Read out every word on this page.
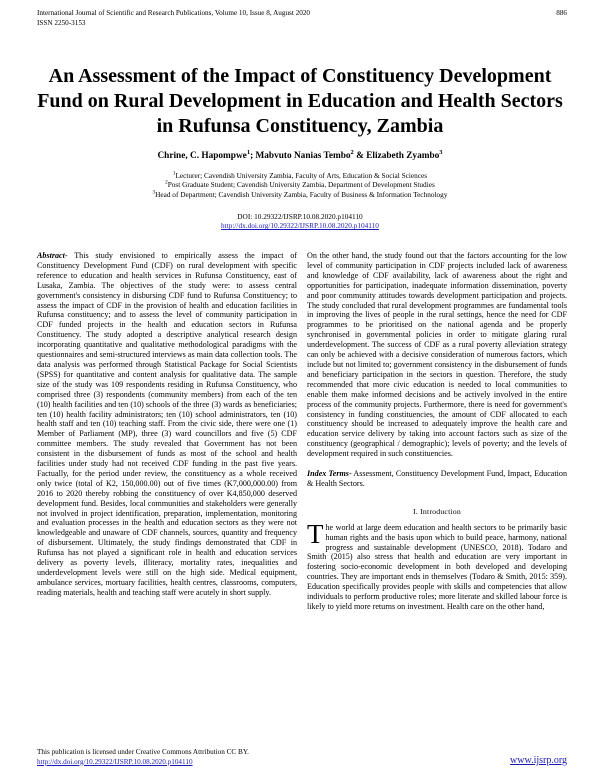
International Journal of Scientific and Research Publications, Volume 10, Issue 8, August 2020
ISSN 2250-3153
886
An Assessment of the Impact of Constituency Development Fund on Rural Development in Education and Health Sectors in Rufunsa Constituency, Zambia
Chrine, C. Hapompwe$^1$; Mabvuto Nanias Tembo$^2$ & Elizabeth Zyambo$^3$
$^1$Lecturer; Cavendish University Zambia, Faculty of Arts, Education & Social Sciences
$^2$Post Graduate Student; Cavendish University Zambia, Department of Development Studies
$^3$Head of Department; Cavendish University Zambia, Faculty of Business & Information Technology
DOI: 10.29322/IJSRP.10.08.2020.p104110
http://dx.doi.org/10.29322/IJSRP.10.08.2020.p104110

Abstract- This study envisioned to empirically assess the impact of Constituency Development Fund (CDF) on rural development with specific reference to education and health services in Rufunsa Constituency, east of Lusaka, Zambia. The objectives of the study were: to assess central government's consistency in disbursing CDF fund to Rufunsa Constituency; to assess the impact of CDF in the provision of health and education facilities in Rufunsa constituency; and to assess the level of community participation in CDF funded projects in the health and education sectors in Rufunsa Constituency. The study adopted a descriptive analytical research design incorporating quantitative and qualitative methodological paradigms with the questionnaires and semi-structured interviews as main data collection tools. The data analysis was performed through Statistical Package for Social Scientists (SPSS) for quantitative and content analysis for qualitative data. The sample size of the study was 109 respondents residing in Rufunsa Constituency, who comprised three (3) respondents (community members) from each of the ten (10) health facilities and ten (10) schools of the three (3) wards as beneficiaries; ten (10) health facility administrators; ten (10) school administrators, ten (10) health staff and ten (10) teaching staff. From the civic side, there were one (1) Member of Parliament (MP), three (3) ward councillors and five (5) CDF committee members. The study revealed that Government has not been consistent in the disbursement of funds as most of the school and health facilities under study had not received CDF funding in the past five years. Factually, for the period under review, the constituency as a whole received only twice (total of K2, 150,000.00) out of five times (K7,000,000.00) from 2016 to 2020 thereby robbing the constituency of over K4,850,000 deserved development fund. Besides, local communities and stakeholders were generally not involved in project identification, preparation, implementation, monitoring and evaluation processes in the health and education sectors as they were not knowledgeable and unaware of CDF channels, sources, quantity and frequency of disbursement. Ultimately, the study findings demonstrated that CDF in Rufunsa has not played a significant role in health and education services delivery as poverty levels, illiteracy, mortality rates, inequalities and underdevelopment levels were still on the high side. Medical equipment, ambulance services, mortuary facilities, health centres, classrooms, computers, reading materials, health and teaching staff were acutely in short supply.

On the other hand, the study found out that the factors accounting for the low level of community participation in CDF projects included lack of awareness and knowledge of CDF availability, lack of awareness about the right and opportunities for participation, inadequate information dissemination, poverty and poor community attitudes towards development participation and projects. The study concluded that rural development programmes are fundamental tools in improving the lives of people in the rural settings, hence the need for CDF programmes to be prioritised on the national agenda and be properly synchronised in governmental policies in order to mitigate glaring rural underdevelopment. The success of CDF as a rural poverty alleviation strategy can only be achieved with a decisive consideration of numerous factors, which include but not limited to; government consistency in the disbursement of funds and beneficiary participation in the sectors in question. Therefore, the study recommended that more civic education is needed to local communities to enable them make informed decisions and be actively involved in the entire process of the community projects. Furthermore, there is need for government's consistency in funding constituencies, the amount of CDF allocated to each constituency should be increased to adequately improve the health care and education service delivery by taking into account factors such as size of the constituency (geographical / demographic); levels of poverty; and the levels of development required in such constituencies.

Index Terms- Assessment, Constituency Development Fund, Impact, Education & Health Sectors.

I. Introduction

The world at large deem education and health sectors to be primarily basic human rights and the basis upon which to build peace, harmony, national progress and sustainable development (UNESCO, 2018). Todaro and Smith (2015) also stress that health and education are very important in fostering socio-economic development in both developed and developing countries. They are important ends in themselves (Todaro & Smith, 2015: 359). Education specifically provides people with skills and competencies that allow individuals to perform productive roles; more literate and skilled labour force is likely to yield more returns on investment. Health care on the other hand,

This publication is licensed under Creative Commons Attribution CC BY.
http://dx.doi.org/10.29322/IJSRP.10.08.2020.p104110	www.ijsrp.org
